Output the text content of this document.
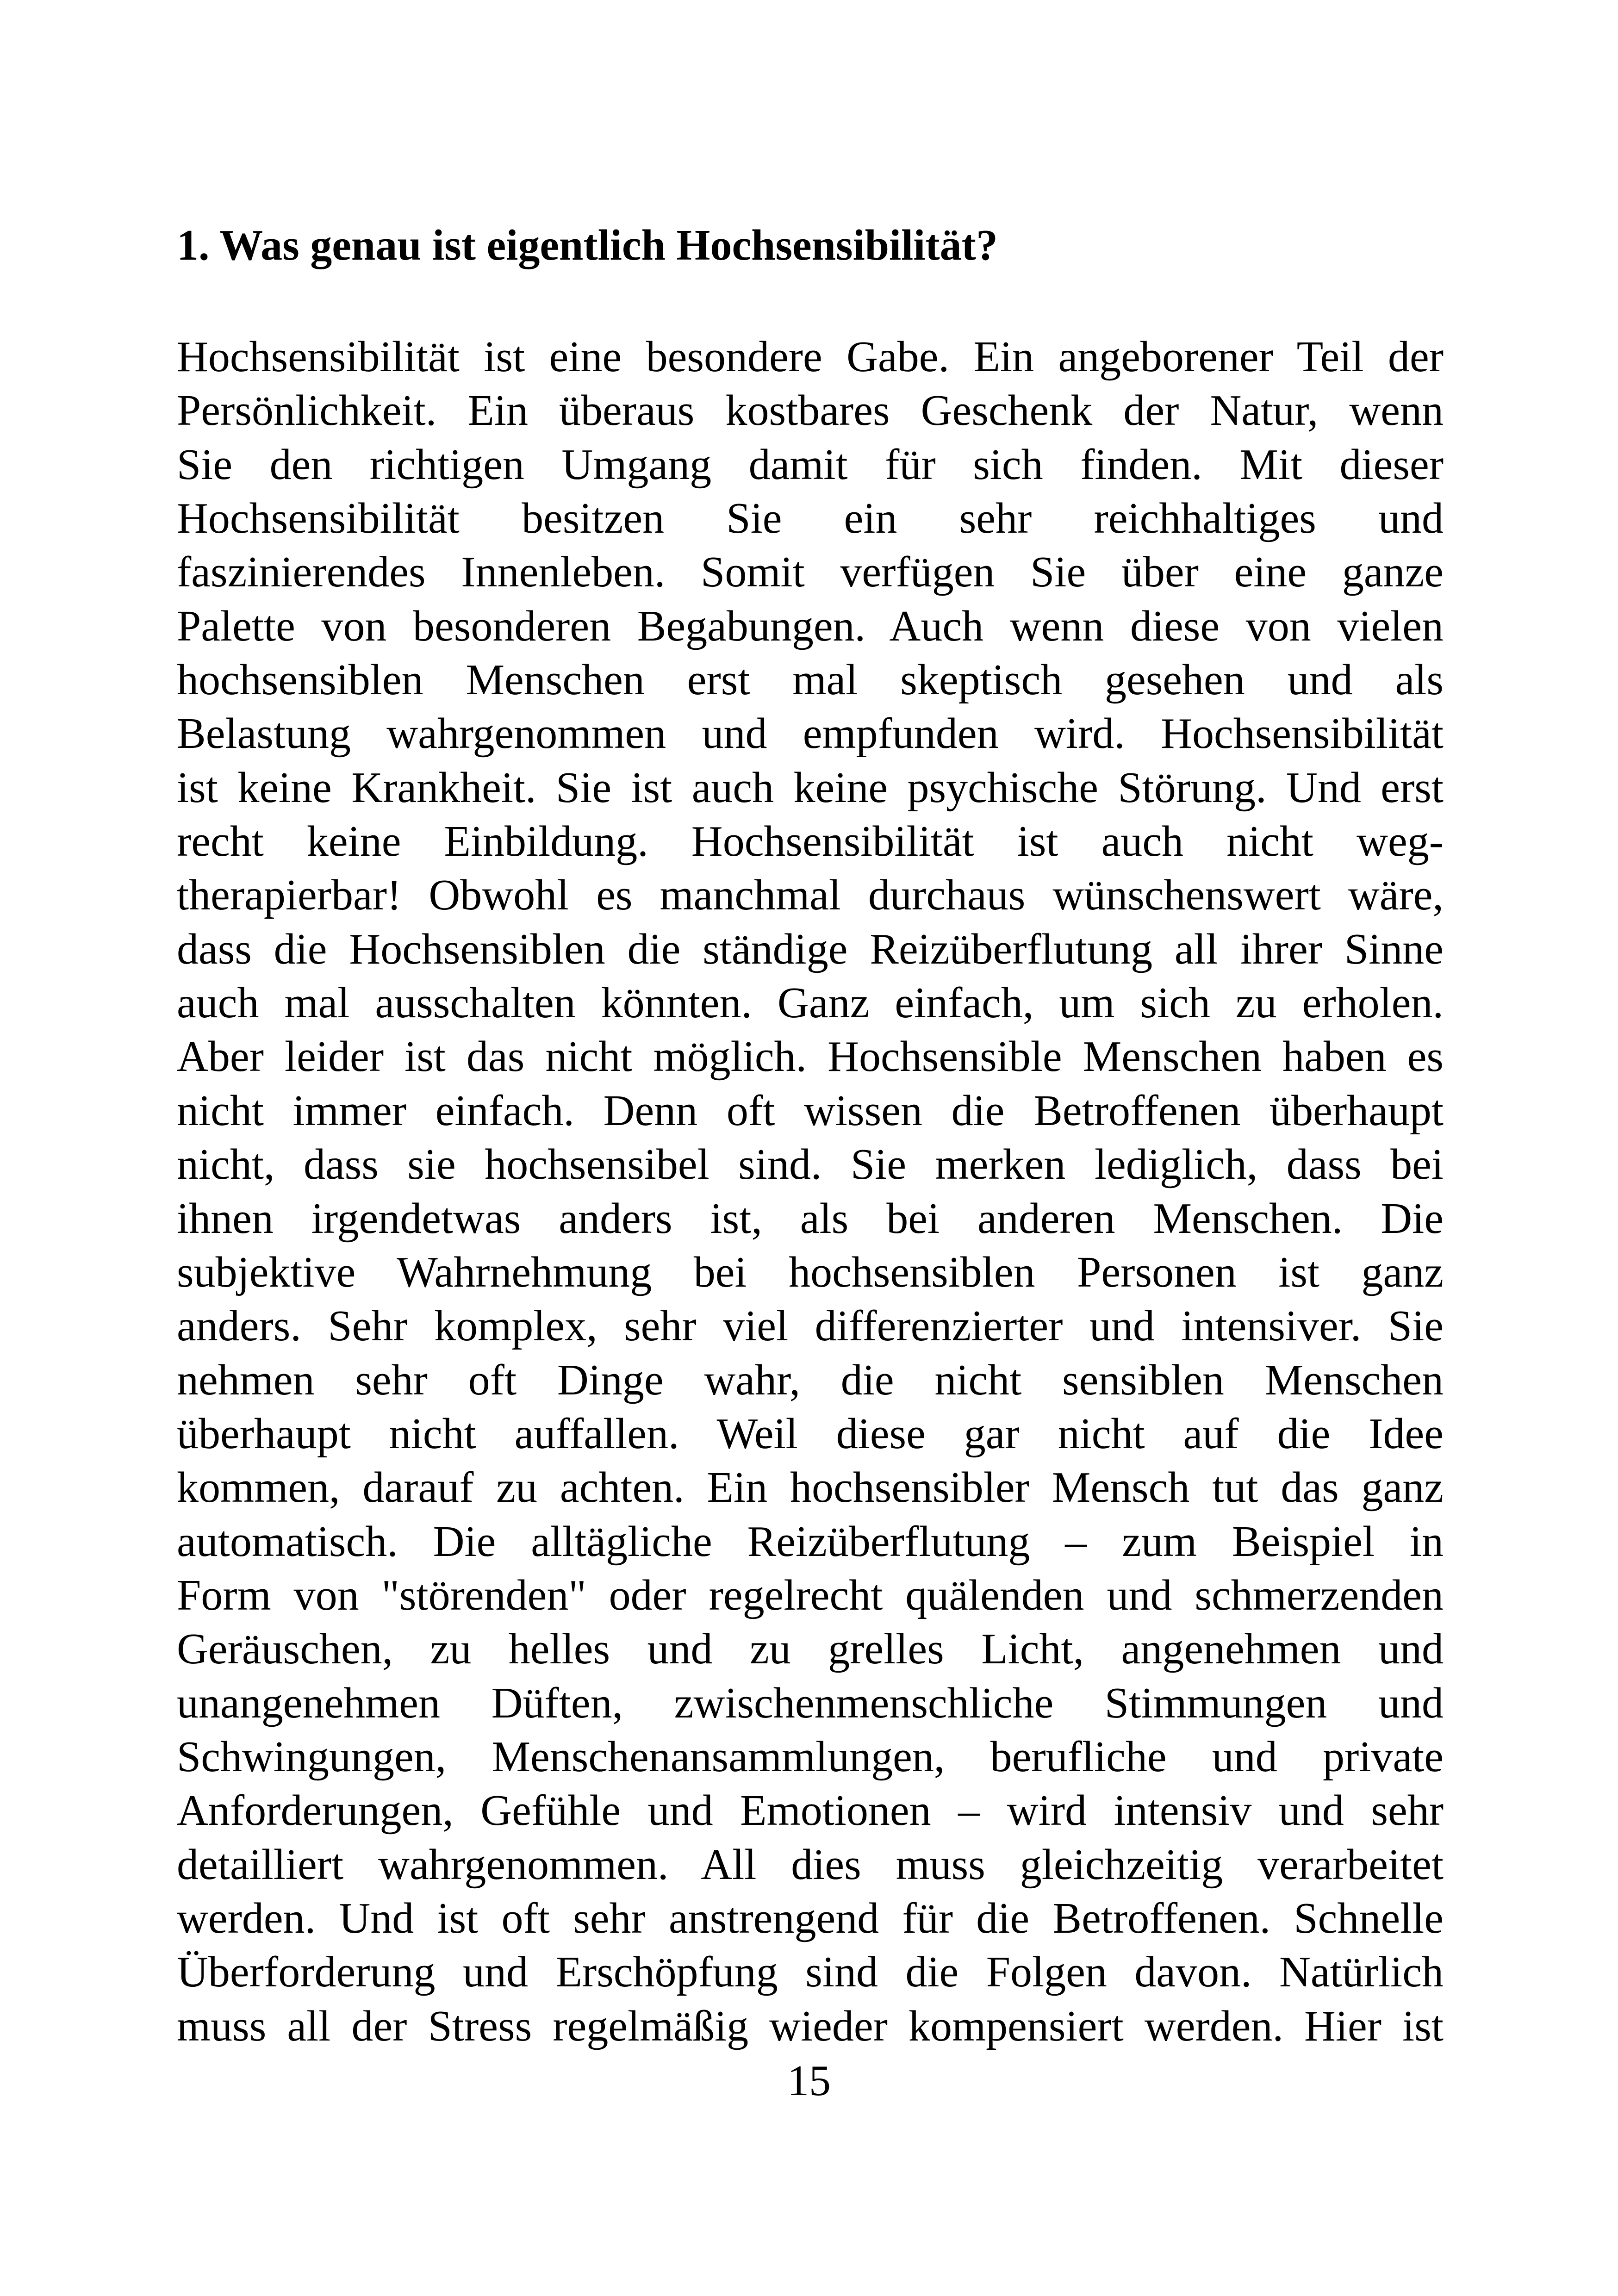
1. Was genau ist eigentlich Hochsensibilität?
Hochsensibilität ist eine besondere Gabe. Ein angeborener Teil der
Persönlichkeit. Ein überaus kostbares Geschenk der Natur, wenn
Sie den richtigen Umgang damit für sich finden. Mit dieser
Hochsensibilität besitzen Sie ein sehr reichhaltiges und
faszinierendes Innenleben. Somit verfügen Sie über eine ganze
Palette von besonderen Begabungen. Auch wenn diese von vielen
hochsensiblen Menschen erst mal skeptisch gesehen und als
Belastung wahrgenommen und empfunden wird. Hochsensibilität
ist keine Krankheit. Sie ist auch keine psychische Störung. Und erst
recht keine Einbildung. Hochsensibilität ist auch nicht weg-
therapierbar! Obwohl es manchmal durchaus wünschenswert wäre,
dass die Hochsensiblen die ständige Reizüberflutung all ihrer Sinne
auch mal ausschalten könnten. Ganz einfach, um sich zu erholen.
Aber leider ist das nicht möglich. Hochsensible Menschen haben es
nicht immer einfach. Denn oft wissen die Betroffenen überhaupt
nicht, dass sie hochsensibel sind. Sie merken lediglich, dass bei
ihnen irgendetwas anders ist, als bei anderen Menschen. Die
subjektive Wahrnehmung bei hochsensiblen Personen ist ganz
anders. Sehr komplex, sehr viel differenzierter und intensiver. Sie
nehmen sehr oft Dinge wahr, die nicht sensiblen Menschen
überhaupt nicht auffallen. Weil diese gar nicht auf die Idee
kommen, darauf zu achten. Ein hochsensibler Mensch tut das ganz
automatisch. Die alltägliche Reizüberflutung – zum Beispiel in
Form von "störenden" oder regelrecht quälenden und schmerzenden
Geräuschen, zu helles und zu grelles Licht, angenehmen und
unangenehmen Düften, zwischenmenschliche Stimmungen und
Schwingungen, Menschenansammlungen, berufliche und private
Anforderungen, Gefühle und Emotionen – wird intensiv und sehr
detailliert wahrgenommen. All dies muss gleichzeitig verarbeitet
werden. Und ist oft sehr anstrengend für die Betroffenen. Schnelle
Überforderung und Erschöpfung sind die Folgen davon. Natürlich
muss all der Stress regelmäßig wieder kompensiert werden. Hier ist

15
